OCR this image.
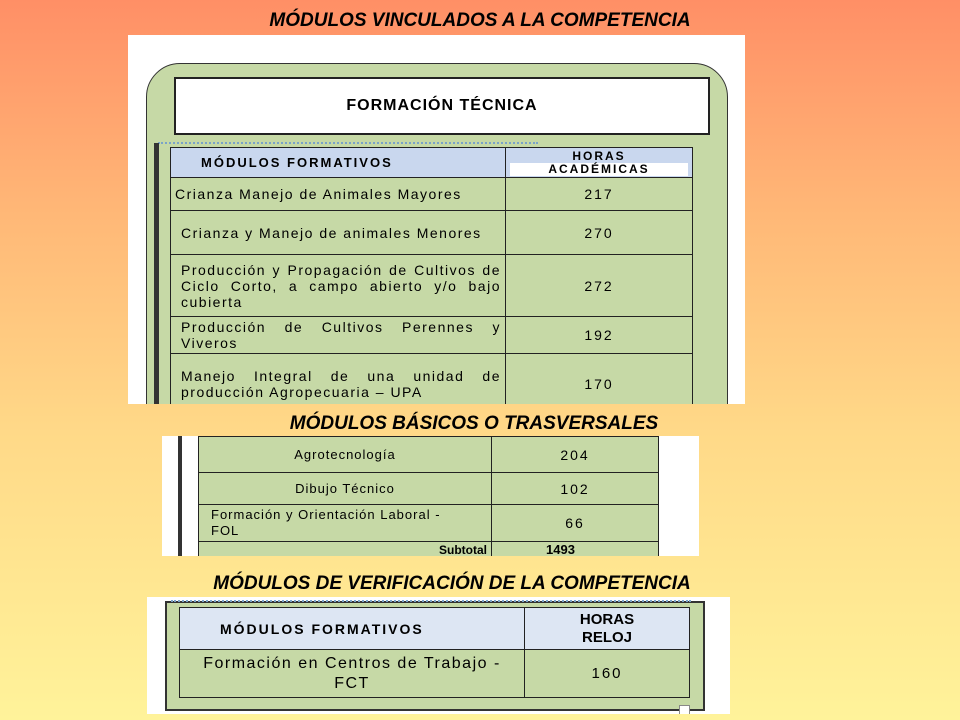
MÓDULOS VINCULADOS A LA COMPETENCIA
FORMACIÓN TÉCNICA
MÓDULOS FORMATIVOS	HORAS
ACADÉMICAS

Crianza Manejo de Animales Mayores	217
Crianza y Manejo de animales Menores	270
Producción y Propagación de Cultivos de Ciclo Corto, a campo abierto y/o bajo cubierta	272
Producción de Cultivos Perennes y Viveros	192
Manejo Integral de una unidad de producción Agropecuaria – UPA	170
MÓDULOS BÁSICOS O TRASVERSALES
Agrotecnología	204
Dibujo Técnico	102
Formación y Orientación Laboral - FOL	66
Subtotal	1493
MÓDULOS DE VERIFICACIÓN DE LA COMPETENCIA
MÓDULOS FORMATIVOS	HORAS
RELOJ

Formación en Centros de Trabajo - FCT	160
